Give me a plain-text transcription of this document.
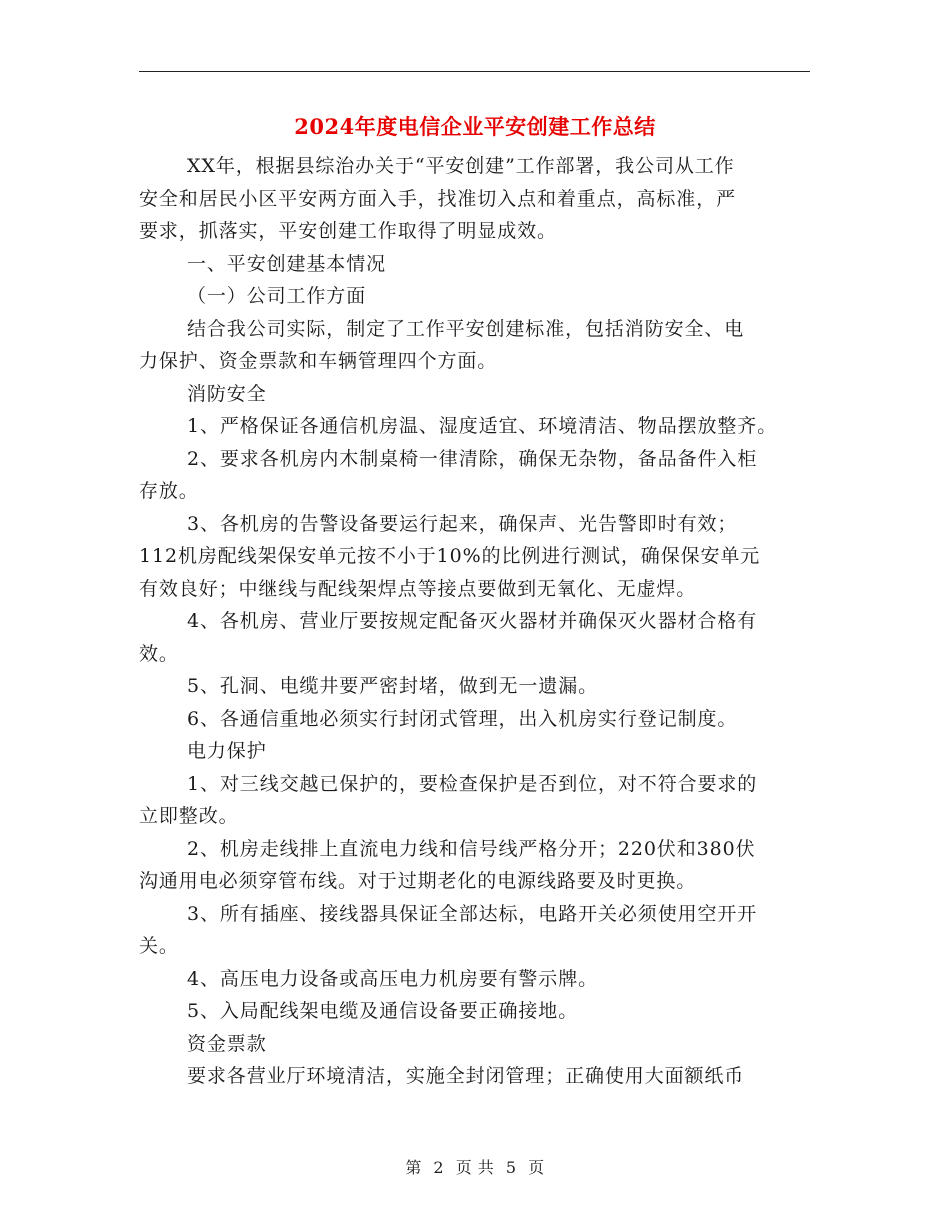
2024年度电信企业平安创建工作总结
XX年，根据县综治办关于“平安创建”工作部署，我公司从工作
安全和居民小区平安两方面入手，找准切入点和着重点，高标准，严
要求，抓落实，平安创建工作取得了明显成效。
一、平安创建基本情况
（一）公司工作方面
结合我公司实际，制定了工作平安创建标准，包括消防安全、电
力保护、资金票款和车辆管理四个方面。
消防安全
1、严格保证各通信机房温、湿度适宜、环境清洁、物品摆放整齐。
2、要求各机房内木制桌椅一律清除，确保无杂物，备品备件入柜
存放。
3、各机房的告警设备要运行起来，确保声、光告警即时有效；
112机房配线架保安单元按不小于10%的比例进行测试，确保保安单元
有效良好；中继线与配线架焊点等接点要做到无氧化、无虚焊。
4、各机房、营业厅要按规定配备灭火器材并确保灭火器材合格有
效。
5、孔洞、电缆井要严密封堵，做到无一遗漏。
6、各通信重地必须实行封闭式管理，出入机房实行登记制度。
电力保护
1、对三线交越已保护的，要检查保护是否到位，对不符合要求的
立即整改。
2、机房走线排上直流电力线和信号线严格分开；220伏和380伏
沟通用电必须穿管布线。对于过期老化的电源线路要及时更换。
3、所有插座、接线器具保证全部达标，电路开关必须使用空开开
关。
4、高压电力设备或高压电力机房要有警示牌。
5、入局配线架电缆及通信设备要正确接地。
资金票款
要求各营业厅环境清洁，实施全封闭管理；正确使用大面额纸币
第 2 页 共 5 页
